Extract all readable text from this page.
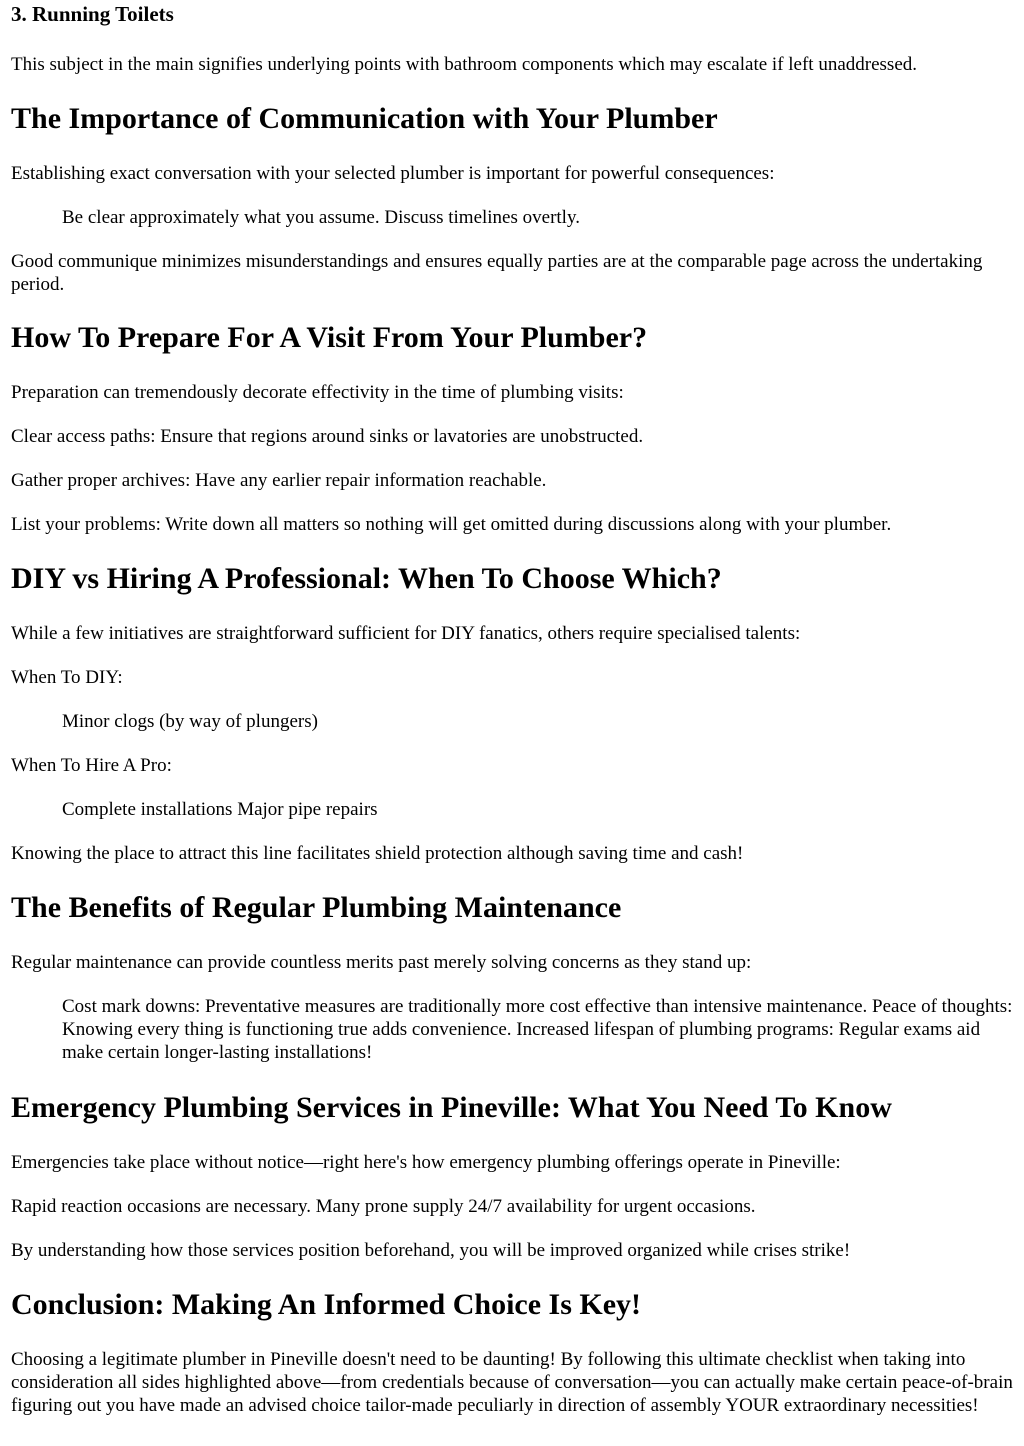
3. Running Toilets

This subject in the main signifies underlying points with bathroom components which may escalate if left unaddressed.

The Importance of Communication with Your Plumber

Establishing exact conversation with your selected plumber is important for powerful consequences:

Be clear approximately what you assume. Discuss timelines overtly.

Good communique minimizes misunderstandings and ensures equally parties are at the comparable page across the undertaking period.

How To Prepare For A Visit From Your Plumber?

Preparation can tremendously decorate effectivity in the time of plumbing visits:

Clear access paths: Ensure that regions around sinks or lavatories are unobstructed.

Gather proper archives: Have any earlier repair information reachable.

List your problems: Write down all matters so nothing will get omitted during discussions along with your plumber.

DIY vs Hiring A Professional: When To Choose Which?

While a few initiatives are straightforward sufficient for DIY fanatics, others require specialised talents:

When To DIY:

Minor clogs (by way of plungers)

When To Hire A Pro:

Complete installations Major pipe repairs

Knowing the place to attract this line facilitates shield protection although saving time and cash!

The Benefits of Regular Plumbing Maintenance

Regular maintenance can provide countless merits past merely solving concerns as they stand up:

Cost mark downs: Preventative measures are traditionally more cost effective than intensive maintenance. Peace of thoughts: Knowing every thing is functioning true adds convenience. Increased lifespan of plumbing programs: Regular exams aid make certain longer-lasting installations!
Emergency Plumbing Services in Pineville: What You Need To Know

Emergencies take place without notice—right here's how emergency plumbing offerings operate in Pineville:

Rapid reaction occasions are necessary. Many prone supply 24/7 availability for urgent occasions.

By understanding how those services position beforehand, you will be improved organized while crises strike!

Conclusion: Making An Informed Choice Is Key!

Choosing a legitimate plumber in Pineville doesn't need to be daunting! By following this ultimate checklist when taking into consideration all sides highlighted above—from credentials because of conversation—you can actually make certain peace-of-brain figuring out you have made an advised choice tailor-made peculiarly in direction of assembly YOUR extraordinary necessities!
